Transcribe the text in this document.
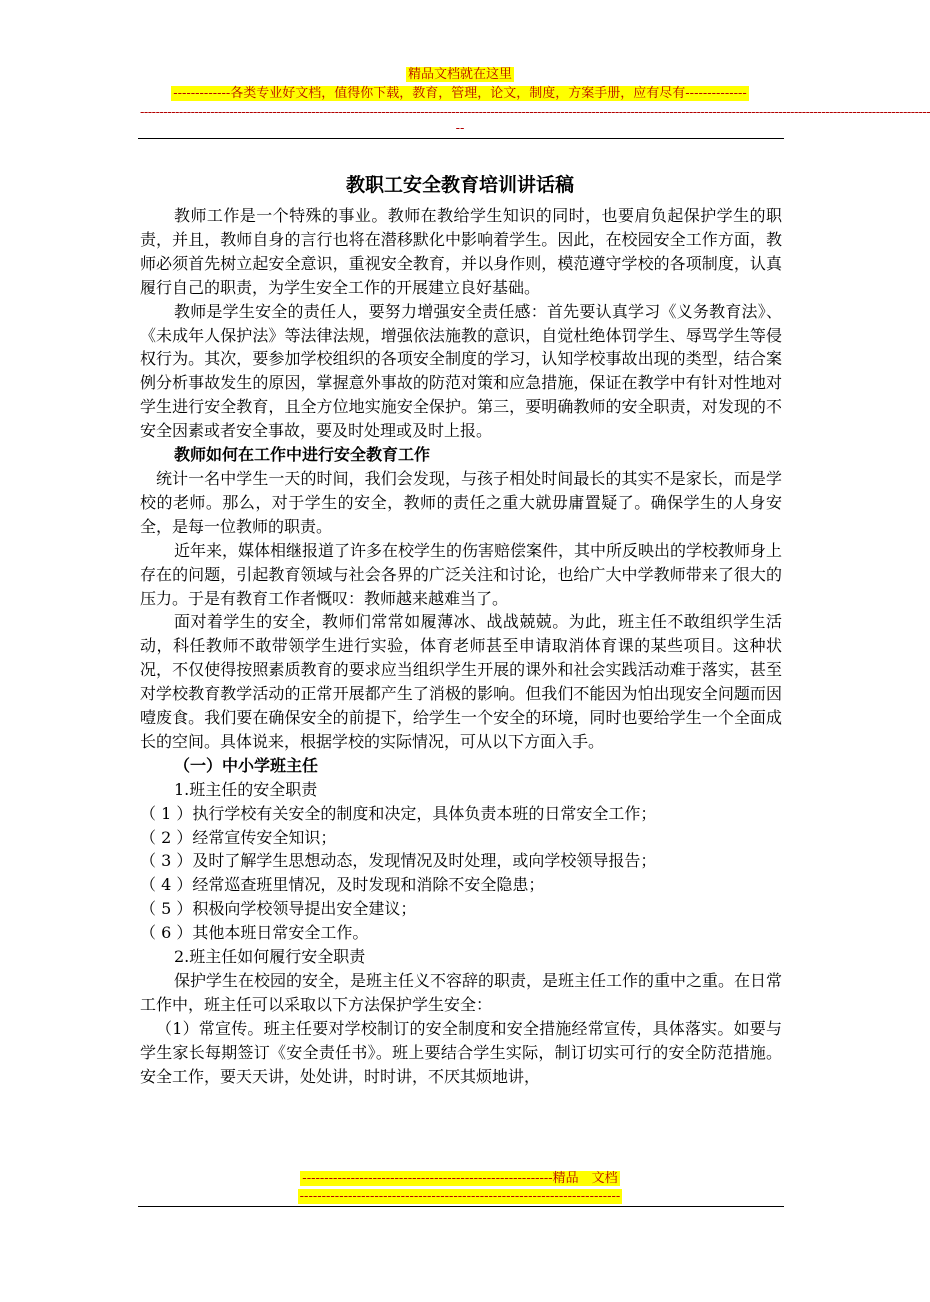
精品文档就在这里
-------------各类专业好文档，值得你下载，教育，管理，论文，制度，方案手册，应有尽有--------------
-----------------------------------------------------------------------------------------------------------------------------------------------------------------------------------------------------------
--
教职工安全教育培训讲话稿

教师工作是一个特殊的事业。教师在教给学生知识的同时，也要肩负起保护学生的职责，并且，教师自身的言行也将在潜移默化中影响着学生。因此，在校园安全工作方面，教师必须首先树立起安全意识，重视安全教育，并以身作则，模范遵守学校的各项制度，认真履行自己的职责，为学生安全工作的开展建立良好基础。

教师是学生安全的责任人，要努力增强安全责任感：首先要认真学习《义务教育法》、《未成年人保护法》等法律法规，增强依法施教的意识，自觉杜绝体罚学生、辱骂学生等侵权行为。其次，要参加学校组织的各项安全制度的学习，认知学校事故出现的类型，结合案例分析事故发生的原因，掌握意外事故的防范对策和应急措施，保证在教学中有针对性地对学生进行安全教育，且全方位地实施安全保护。第三，要明确教师的安全职责，对发现的不安全因素或者安全事故，要及时处理或及时上报。

教师如何在工作中进行安全教育工作

统计一名中学生一天的时间，我们会发现，与孩子相处时间最长的其实不是家长，而是学校的老师。那么，对于学生的安全，教师的责任之重大就毋庸置疑了。确保学生的人身安全，是每一位教师的职责。

近年来，媒体相继报道了许多在校学生的伤害赔偿案件，其中所反映出的学校教师身上存在的问题，引起教育领域与社会各界的广泛关注和讨论，也给广大中学教师带来了很大的压力。于是有教育工作者慨叹：教师越来越难当了。

面对着学生的安全，教师们常常如履薄冰、战战兢兢。为此，班主任不敢组织学生活动，科任教师不敢带领学生进行实验，体育老师甚至申请取消体育课的某些项目。这种状况，不仅使得按照素质教育的要求应当组织学生开展的课外和社会实践活动难于落实，甚至对学校教育教学活动的正常开展都产生了消极的影响。但我们不能因为怕出现安全问题而因噎废食。我们要在确保安全的前提下，给学生一个安全的环境，同时也要给学生一个全面成长的空间。具体说来，根据学校的实际情况，可从以下方面入手。

（一）中小学班主任

1.班主任的安全职责

（ 1 ）执行学校有关安全的制度和决定，具体负责本班的日常安全工作；

（ 2 ）经常宣传安全知识；

（ 3 ）及时了解学生思想动态，发现情况及时处理，或向学校领导报告；

（ 4 ）经常巡查班里情况，及时发现和消除不安全隐患；

（ 5 ）积极向学校领导提出安全建议；

（ 6 ）其他本班日常安全工作。

2.班主任如何履行安全职责

保护学生在校园的安全，是班主任义不容辞的职责，是班主任工作的重中之重。在日常工作中，班主任可以采取以下方法保护学生安全：

（1）常宣传。班主任要对学校制订的安全制度和安全措施经常宣传，具体落实。如要与学生家长每期签订《安全责任书》。班上要结合学生实际，制订切实可行的安全防范措施。安全工作，要天天讲，处处讲，时时讲，不厌其烦地讲，

---------------------------------------------------------精品　文档
-------------------------------------------------------------------------
